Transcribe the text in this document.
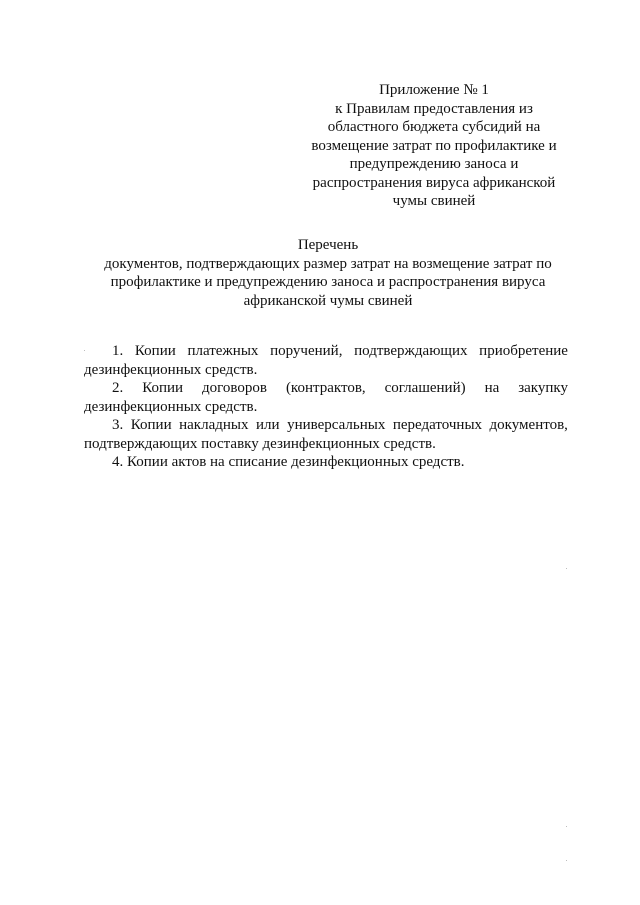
Приложение № 1
к Правилам предоставления из
областного бюджета субсидий на
возмещение затрат по профилактике и
предупреждению заноса и
распространения вируса африканской
чумы свиней
Перечень
документов, подтверждающих размер затрат на возмещение затрат по
профилактике и предупреждению заноса и распространения вируса
африканской чумы свиней
1. Копии платежных поручений, подтверждающих приобретение
дезинфекционных средств.
2. Копии договоров (контрактов, соглашений) на закупку
дезинфекционных средств.
3. Копии накладных или универсальных передаточных документов,
подтверждающих поставку дезинфекционных средств.
4. Копии актов на списание дезинфекционных средств.
